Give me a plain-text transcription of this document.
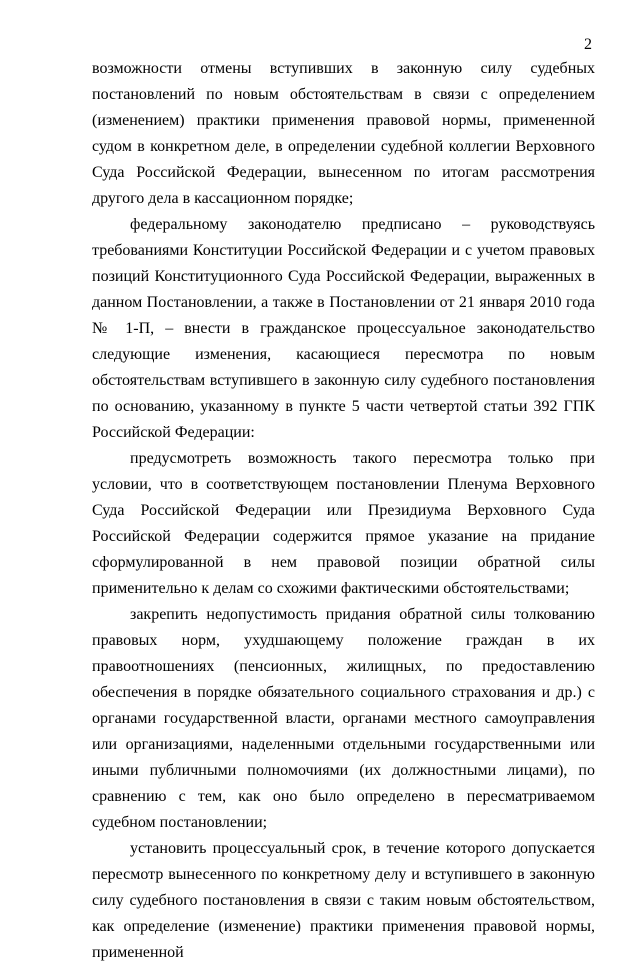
2

возможности отмены вступивших в законную силу судебных постановлений по новым обстоятельствам в связи с определением (изменением) практики применения правовой нормы, примененной судом в конкретном деле, в определении судебной коллегии Верховного Суда Российской Федерации, вынесенном по итогам рассмотрения другого дела в кассационном порядке;

федеральному законодателю предписано – руководствуясь требованиями Конституции Российской Федерации и с учетом правовых позиций Конституционного Суда Российской Федерации, выраженных в данном Постановлении, а также в Постановлении от 21 января 2010 года № 1-П, – внести в гражданское процессуальное законодательство следующие изменения, касающиеся пересмотра по новым обстоятельствам вступившего в законную силу судебного постановления по основанию, указанному в пункте 5 части четвертой статьи 392 ГПК Российской Федерации:

предусмотреть возможность такого пересмотра только при условии, что в соответствующем постановлении Пленума Верховного Суда Российской Федерации или Президиума Верховного Суда Российской Федерации содержится прямое указание на придание сформулированной в нем правовой позиции обратной силы применительно к делам со схожими фактическими обстоятельствами;

закрепить недопустимость придания обратной силы толкованию правовых норм, ухудшающему положение граждан в их правоотношениях (пенсионных, жилищных, по предоставлению обеспечения в порядке обязательного социального страхования и др.) с органами государственной власти, органами местного самоуправления или организациями, наделенными отдельными государственными или иными публичными полномочиями (их должностными лицами), по сравнению с тем, как оно было определено в пересматриваемом судебном постановлении;

установить процессуальный срок, в течение которого допускается пересмотр вынесенного по конкретному делу и вступившего в законную силу судебного постановления в связи с таким новым обстоятельством, как определение (изменение) практики применения правовой нормы, примененной
